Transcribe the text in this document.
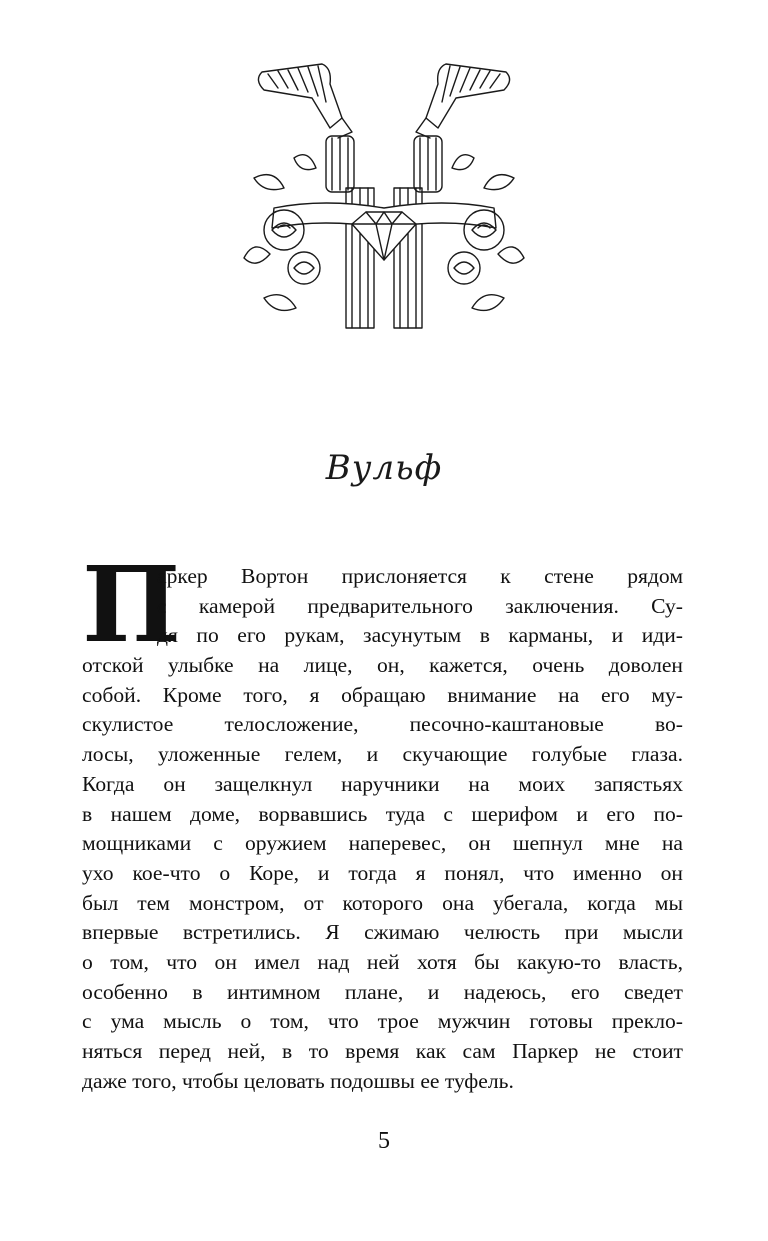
Вульф
П
аркер Вортон прислоняется к стене рядом
с камерой предварительного заключения. Су-
дя по его рукам, засунутым в карманы, и иди-
отской улыбке на лице, он, кажется, очень доволен
собой. Кроме того, я обращаю внимание на его му-
скулистое телосложение, песочно-каштановые во-
лосы, уложенные гелем, и скучающие голубые глаза.
Когда он защелкнул наручники на моих запястьях
в нашем доме, ворвавшись туда с шерифом и его по-
мощниками с оружием наперевес, он шепнул мне на
ухо кое-что о Коре, и тогда я понял, что именно он
был тем монстром, от которого она убегала, когда мы
впервые встретились. Я сжимаю челюсть при мысли
о том, что он имел над ней хотя бы какую-то власть,
особенно в интимном плане, и надеюсь, его сведет
с ума мысль о том, что трое мужчин готовы прекло-
няться перед ней, в то время как сам Паркер не стоит
даже того, чтобы целовать подошвы ее туфель.
5
